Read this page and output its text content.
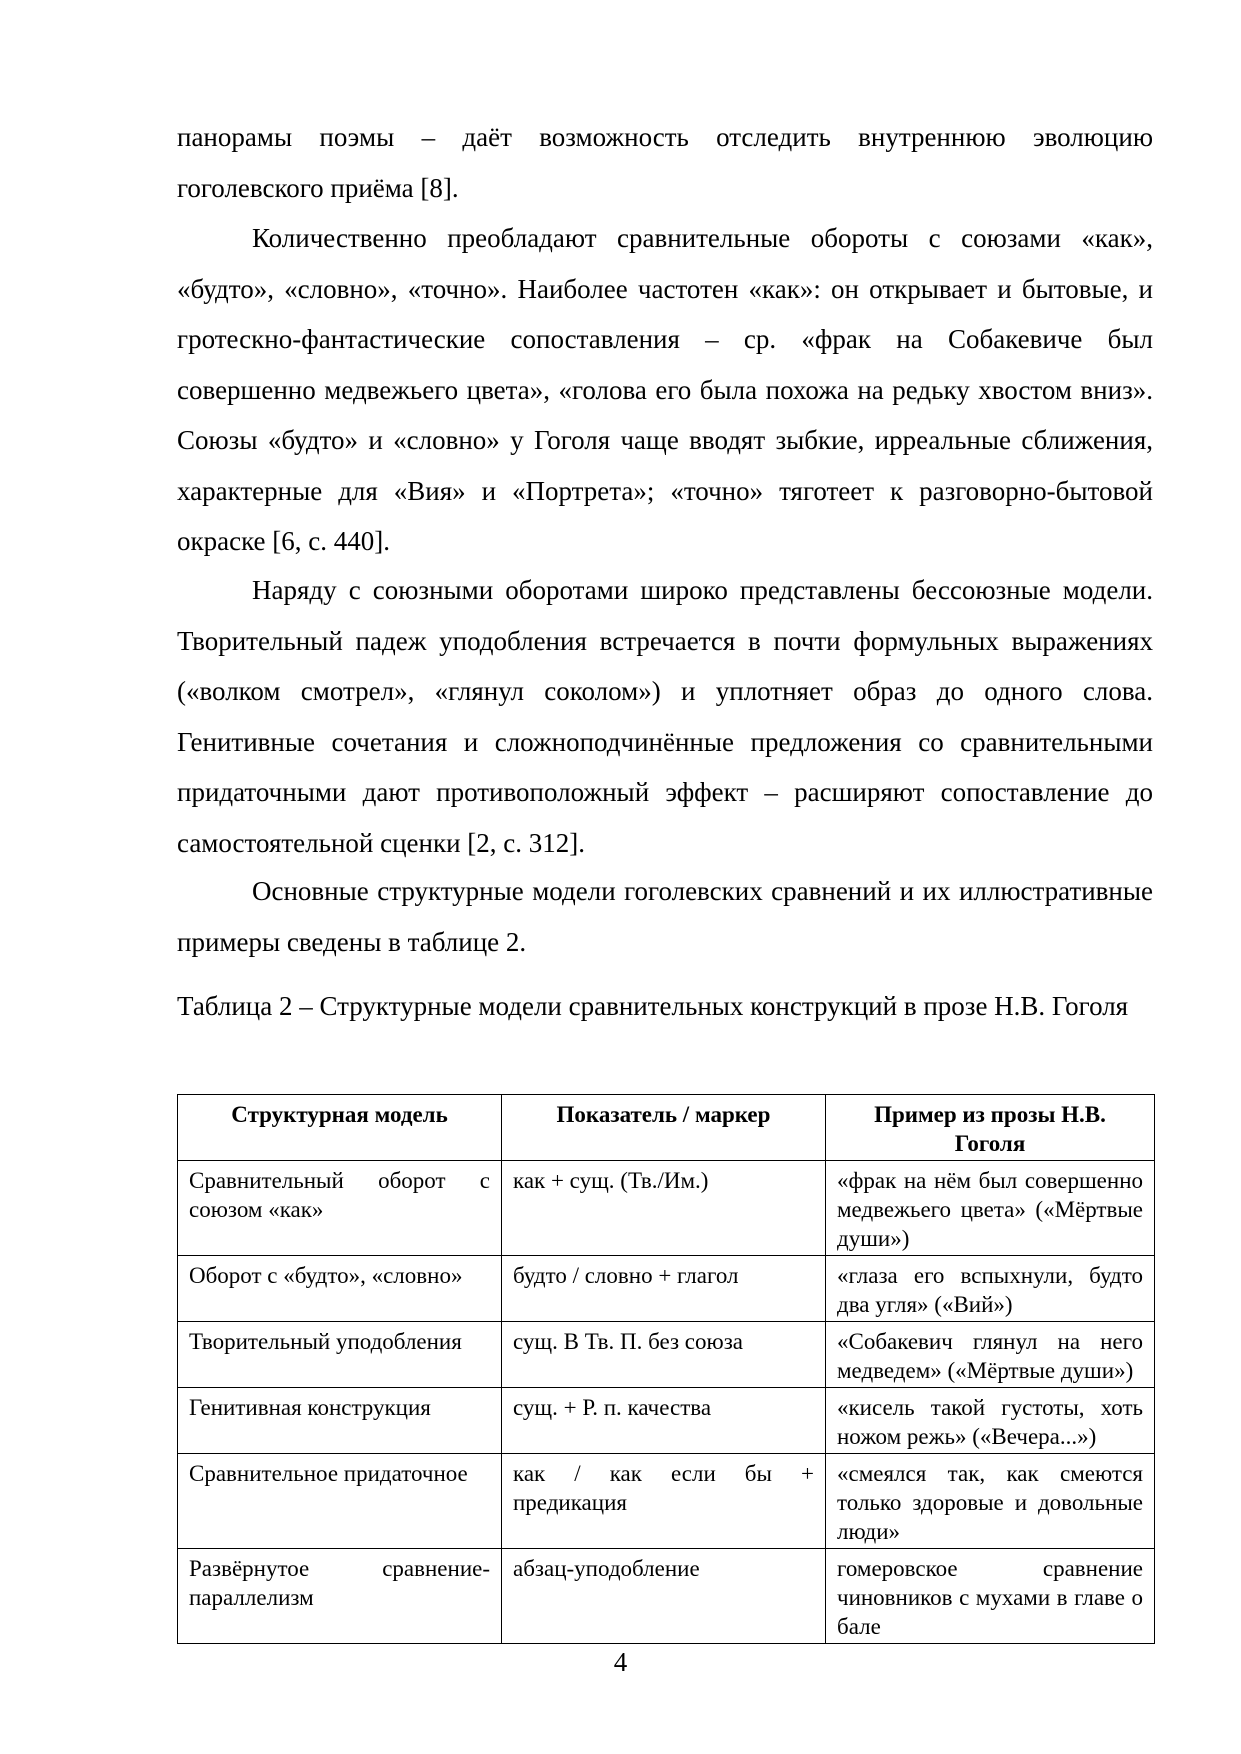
панорамы поэмы – даёт возможность отследить внутреннюю эволюцию гоголевского приёма [8].

Количественно преобладают сравнительные обороты с союзами «как», «будто», «словно», «точно». Наиболее частотен «как»: он открывает и бытовые, и гротескно-фантастические сопоставления – ср. «фрак на Собакевиче был совершенно медвежьего цвета», «голова его была похожа на редьку хвостом вниз». Союзы «будто» и «словно» у Гоголя чаще вводят зыбкие, ирреальные сближения, характерные для «Вия» и «Портрета»; «точно» тяготеет к разговорно-бытовой окраске [6, с. 440].

Наряду с союзными оборотами широко представлены бессоюзные модели. Творительный падеж уподобления встречается в почти формульных выражениях («волком смотрел», «глянул соколом») и уплотняет образ до одного слова. Генитивные сочетания и сложноподчинённые предложения со сравнительными придаточными дают противоположный эффект – расширяют сопоставление до самостоятельной сценки [2, с. 312].

Основные структурные модели гоголевских сравнений и их иллюстративные примеры сведены в таблице 2.

Таблица 2 – Структурные модели сравнительных конструкций в прозе Н.В. Гоголя

Структурная модель	Показатель / маркер	Пример из прозы Н.В. Гоголя
Сравнительный оборот с союзом «как»	как + сущ. (Тв./Им.)	«фрак на нём был совершенно медвежьего цвета» («Мёртвые души»)
Оборот с «будто», «словно»	будто / словно + глагол	«глаза его вспыхнули, будто два угля» («Вий»)
Творительный уподобления	сущ. В Тв. П. без союза	«Собакевич глянул на него медведем» («Мёртвые души»)
Генитивная конструкция	сущ. + Р. п. качества	«кисель такой густоты, хоть ножом режь» («Вечера...»)
Сравнительное придаточное	как / как если бы + предикация	«смеялся так, как смеются только здоровые и довольные люди»
Развёрнутое сравнение-параллелизм	абзац-уподобление	гомеровское сравнение чиновников с мухами в главе о бале

4
